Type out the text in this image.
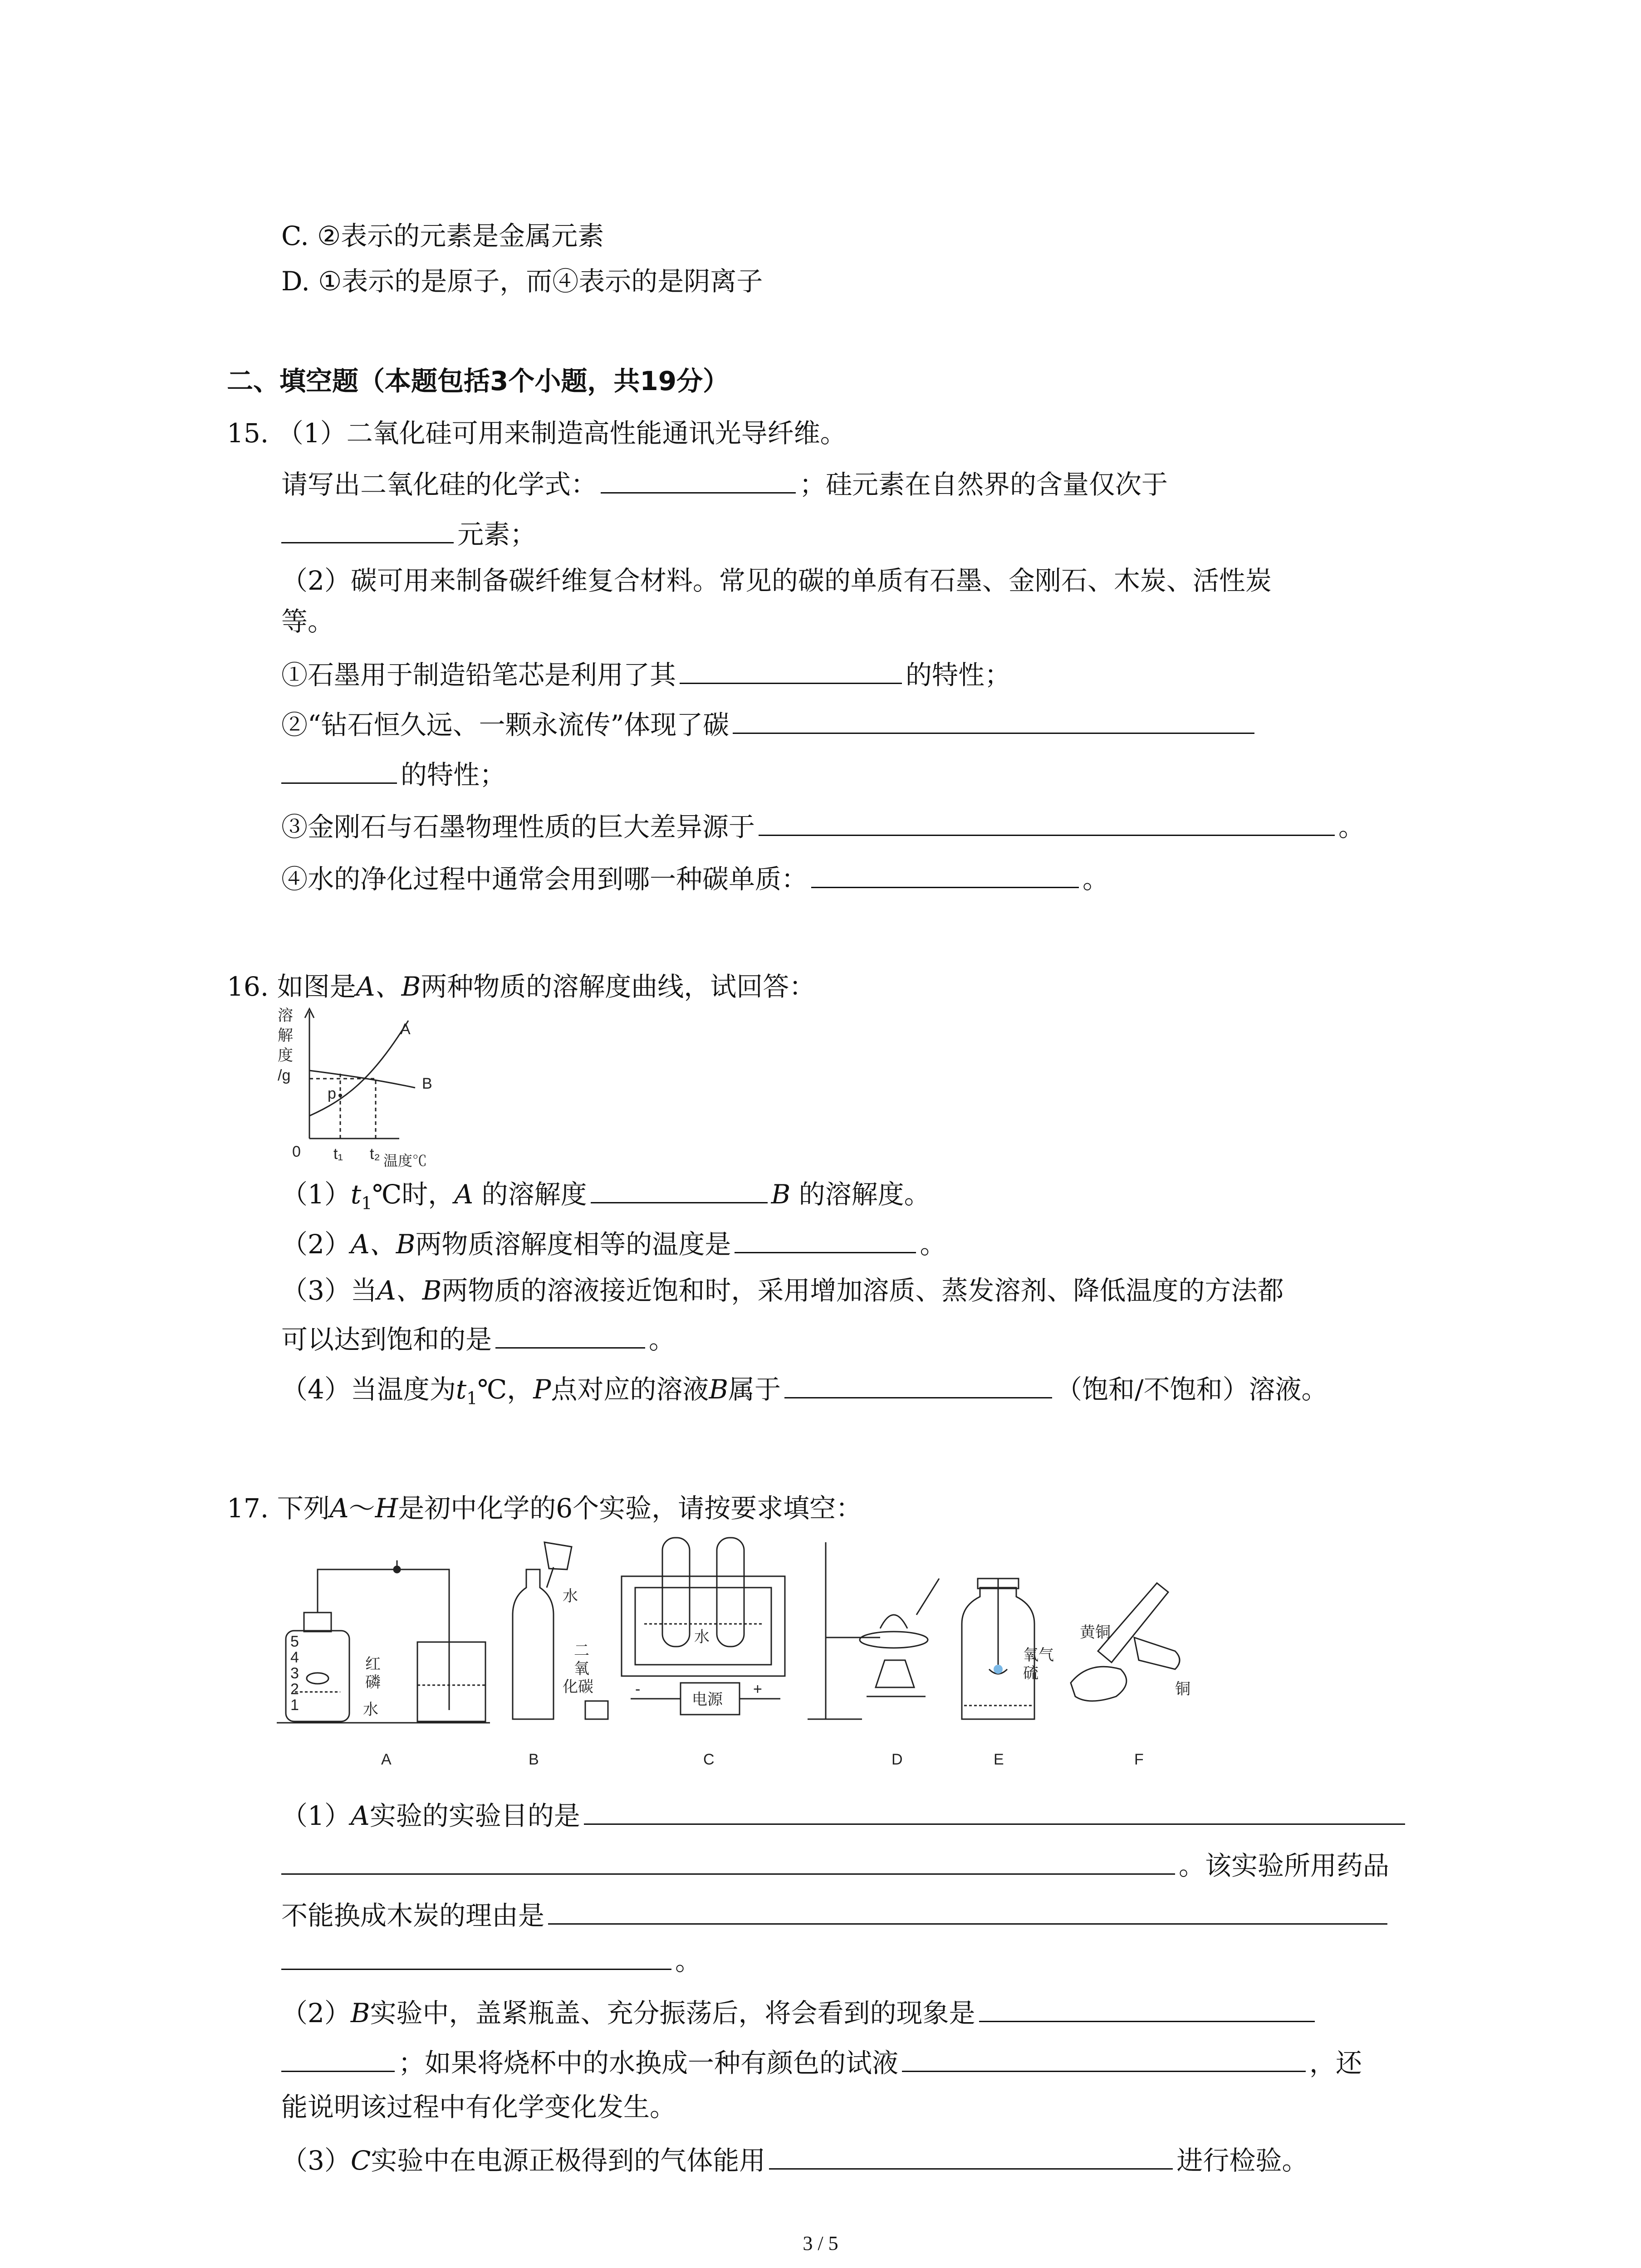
C. ②表示的元素是金属元素
D. ①表示的是原子，而④表示的是阴离子
二、填空题（本题包括3个小题，共19分）
15. （1）二氧化硅可用来制造高性能通讯光导纤维。
请写出二氧化硅的化学式：	；硅元素在自然界的含量仅次于
元素；
（2）碳可用来制备碳纤维复合材料。常见的碳的单质有石墨、金刚石、木炭、活性炭
等。
①石墨用于制造铅笔芯是利用了其	的特性；
②“钻石恒久远、一颗永流传”体现了碳
的特性；
③金刚石与石墨物理性质的巨大差异源于	。
④水的净化过程中通常会用到哪一种碳单质：	。
16. 如图是A、B两种物质的溶解度曲线，试回答：
溶
解
度
/g
0 t₁ t₂ 温度℃
A
B
p
$(1)t_1℃$时，A 的溶解度	B 的溶解度。
（2）A、B两物质溶解度相等的温度是	。
（3）当A、B两物质的溶液接近饱和时，采用增加溶质、蒸发溶剂、降低温度的方法都
可以达到饱和的是	。
（4）当温度为$t_1℃$，P点对应的溶液B属于	（饱和/不饱和）溶液。
17. 下列A～H是初中化学的6个实验，请按要求填空：
5
4
3
2
1
红
磷
水
水
二
氧
化碳
水
-	+
电源
氧气
硫
黄铜
铜
A	B	C	D	E	F
（1）A实验的实验目的是
。该实验所用药品
不能换成木炭的理由是
。
（2）B实验中，盖紧瓶盖、充分振荡后，将会看到的现象是
；如果将烧杯中的水换成一种有颜色的试液	，还
能说明该过程中有化学变化发生。
（3）C实验中在电源正极得到的气体能用	进行检验。
3 / 5
